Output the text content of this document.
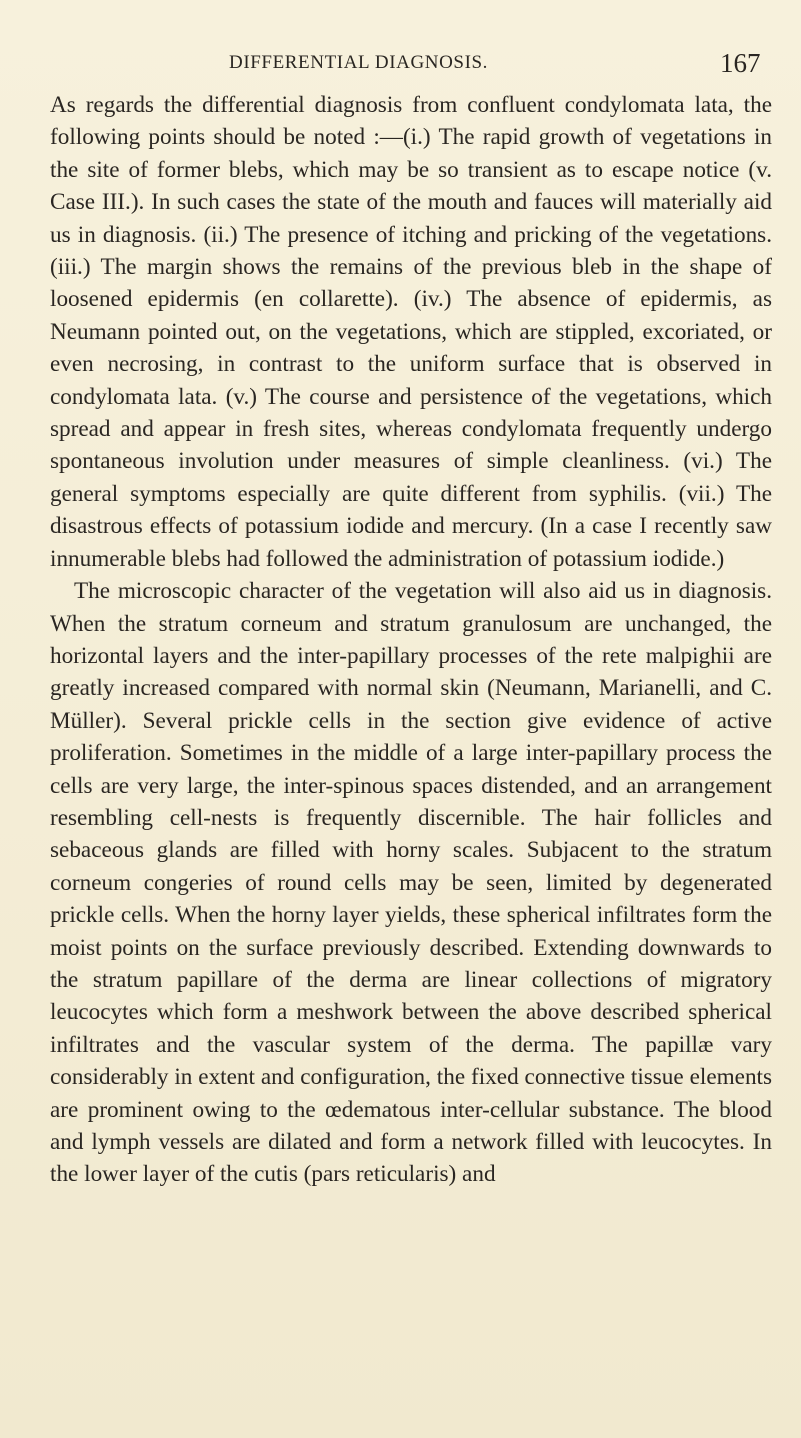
DIFFERENTIAL DIAGNOSIS.	167

As regards the differential diagnosis from confluent condylomata lata, the following points should be noted :—(i.) The rapid growth of vegetations in the site of former blebs, which may be so transient as to escape notice (v. Case III.). In such cases the state of the mouth and fauces will materially aid us in diagnosis. (ii.) The presence of itching and pricking of the vegetations. (iii.) The margin shows the remains of the previous bleb in the shape of loosened epidermis (en collarette). (iv.) The absence of epidermis, as Neumann pointed out, on the vegetations, which are stippled, excoriated, or even necrosing, in contrast to the uniform surface that is observed in condylomata lata. (v.) The course and persistence of the vegetations, which spread and appear in fresh sites, whereas condylomata frequently undergo spontaneous involution under measures of simple cleanliness. (vi.) The general symptoms especially are quite different from syphilis. (vii.) The disastrous effects of potassium iodide and mercury. (In a case I recently saw innumerable blebs had followed the administration of potassium iodide.)

The microscopic character of the vegetation will also aid us in diagnosis. When the stratum corneum and stratum granulosum are unchanged, the horizontal layers and the inter-papillary processes of the rete malpighii are greatly increased compared with normal skin (Neumann, Marianelli, and C. Müller). Several prickle cells in the section give evidence of active proliferation. Sometimes in the middle of a large inter-papillary process the cells are very large, the inter-spinous spaces distended, and an arrangement resembling cell-nests is frequently discernible. The hair follicles and sebaceous glands are filled with horny scales. Subjacent to the stratum corneum congeries of round cells may be seen, limited by degenerated prickle cells. When the horny layer yields, these spherical infiltrates form the moist points on the surface previously described. Extending downwards to the stratum papillare of the derma are linear collections of migratory leucocytes which form a meshwork between the above described spherical infiltrates and the vascular system of the derma. The papillæ vary considerably in extent and configuration, the fixed connective tissue elements are prominent owing to the œdematous inter-cellular substance. The blood and lymph vessels are dilated and form a network filled with leucocytes. In the lower layer of the cutis (pars reticularis) and
